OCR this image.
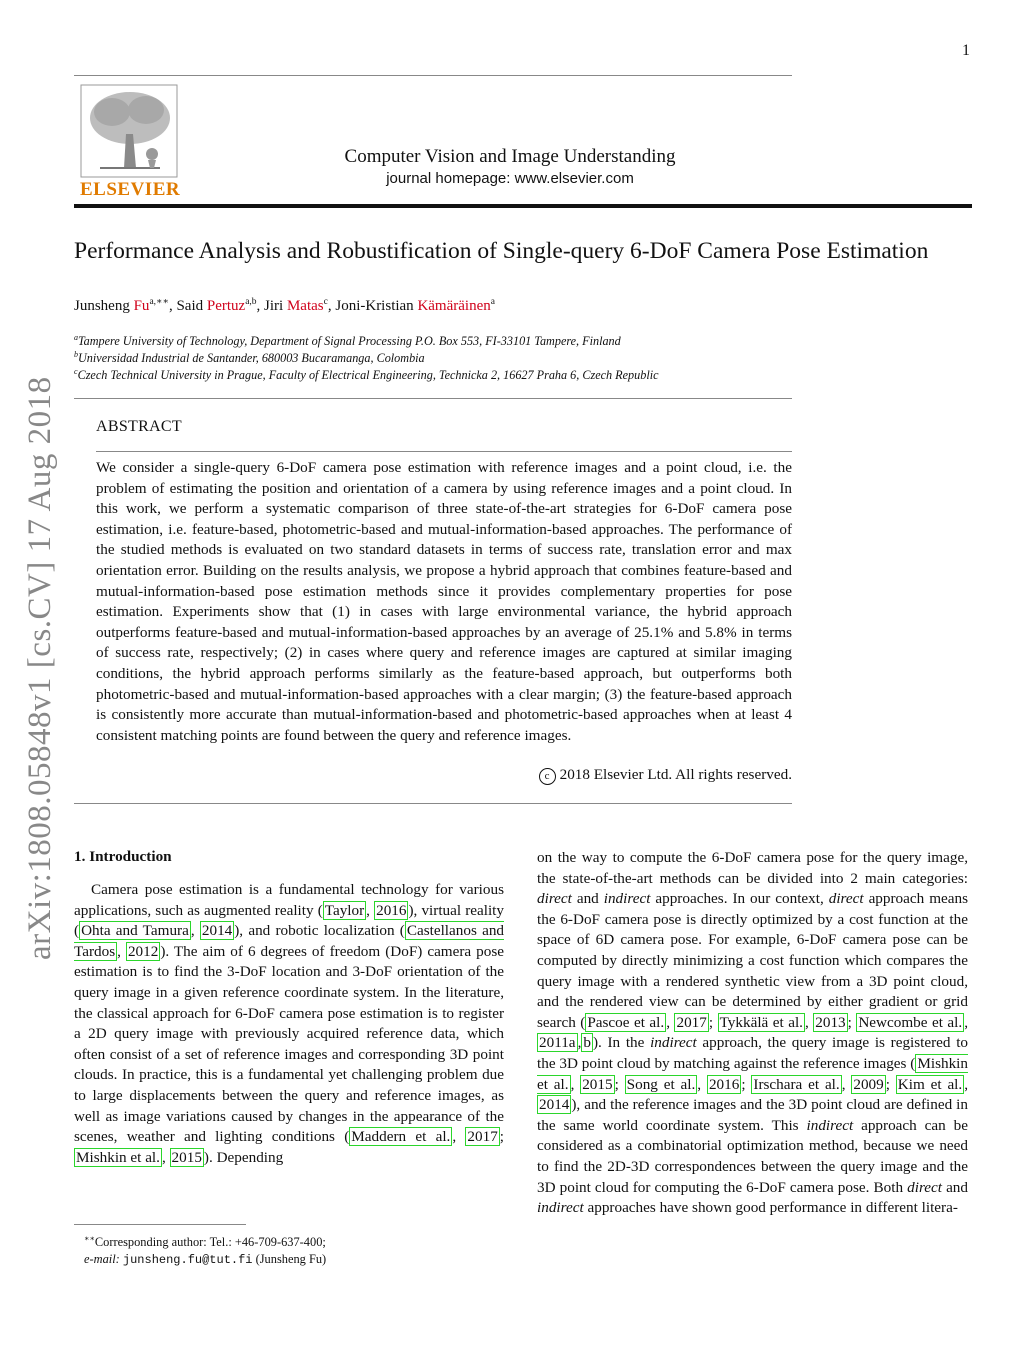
1
ELSEVIER
Computer Vision and Image Understanding
journal homepage: www.elsevier.com
arXiv:1808.05848v1 [cs.CV] 17 Aug 2018
Performance Analysis and Robustification of Single-query 6-DoF Camera Pose Estimation
Junsheng $Fu^{a,∗∗}$, Said Pertuz$^{a,b}$, Jiri Matas$^c$, Joni-Kristian Kämäräinen$^a$
$^a$Tampere University of Technology, Department of Signal Processing P.O. Box 553, FI-33101 Tampere, Finland
$^b$Universidad Industrial de Santander, 680003 Bucaramanga, Colombia
$^c$Czech Technical University in Prague, Faculty of Electrical Engineering, Technicka 2, 16627 Praha 6, Czech Republic
ABSTRACT
We consider a single-query 6-DoF camera pose estimation with reference images and a point cloud, i.e. the problem of estimating the position and orientation of a camera by using reference images and a point cloud. In this work, we perform a systematic comparison of three state-of-the-art strategies for 6-DoF camera pose estimation, i.e. feature-based, photometric-based and mutual-information-based approaches. The performance of the studied methods is evaluated on two standard datasets in terms of success rate, translation error and max orientation error. Building on the results analysis, we propose a hybrid approach that combines feature-based and mutual-information-based pose estimation methods since it provides complementary properties for pose estimation. Experiments show that (1) in cases with large environmental variance, the hybrid approach outperforms feature-based and mutual-information-based approaches by an average of 25.1% and 5.8% in terms of success rate, respectively; (2) in cases where query and reference images are captured at similar imaging conditions, the hybrid approach performs similarly as the feature-based approach, but outperforms both photometric-based and mutual-information-based approaches with a clear margin; (3) the feature-based approach is consistently more accurate than mutual-information-based and photometric-based approaches when at least 4 consistent matching points are found between the query and reference images.
c 2018 Elsevier Ltd. All rights reserved.
1. Introduction
Camera pose estimation is a fundamental technology for various applications, such as augmented reality ( Taylor , 2016 ), virtual reality ( Ohta and Tamura , 2014 ), and robotic localization ( Castellanos and Tardos , 2012 ). The aim of 6 degrees of freedom (DoF) camera pose estimation is to find the 3-DoF location and 3-DoF orientation of the query image in a given reference coordinate system. In the literature, the classical approach for 6-DoF camera pose estimation is to register a 2D query image with previously acquired reference data, which often consist of a set of reference images and corresponding 3D point clouds. In practice, this is a fundamental yet challenging problem due to large displacements between the query and reference images, as well as image variations caused by changes in the appearance of the scenes, weather and lighting conditions ( Maddern et al. , 2017 ; Mishkin et al. , 2015 ). Depending
on the way to compute the 6-DoF camera pose for the query image, the state-of-the-art methods can be divided into 2 main categories: direct and indirect approaches. In our context, direct approach means the 6-DoF camera pose is directly optimized by a cost function at the space of 6D camera pose. For example, 6-DoF camera pose can be computed by directly minimizing a cost function which compares the query image with a rendered synthetic view from a 3D point cloud, and the rendered view can be determined by either gradient or grid search ( Pascoe et al. , 2017 ; Tykkälä et al. , 2013 ; Newcombe et al. , 2011a , b ). In the indirect approach, the query image is registered to the 3D point cloud by matching against the reference images ( Mishkin et al. , 2015 ; Song et al. , 2016 ; Irschara et al. , 2009 ; Kim et al. , 2014 ), and the reference images and the 3D point cloud are defined in the same world coordinate system. This indirect approach can be considered as a combinatorial optimization method, because we need to find the 2D-3D correspondences between the query image and the 3D point cloud for computing the 6-DoF camera pose. Both direct and indirect approaches have shown good performance in different litera-
∗∗Corresponding author: Tel.: +46-709-637-400;
e-mail: junsheng.fu@tut.fi (Junsheng Fu)
